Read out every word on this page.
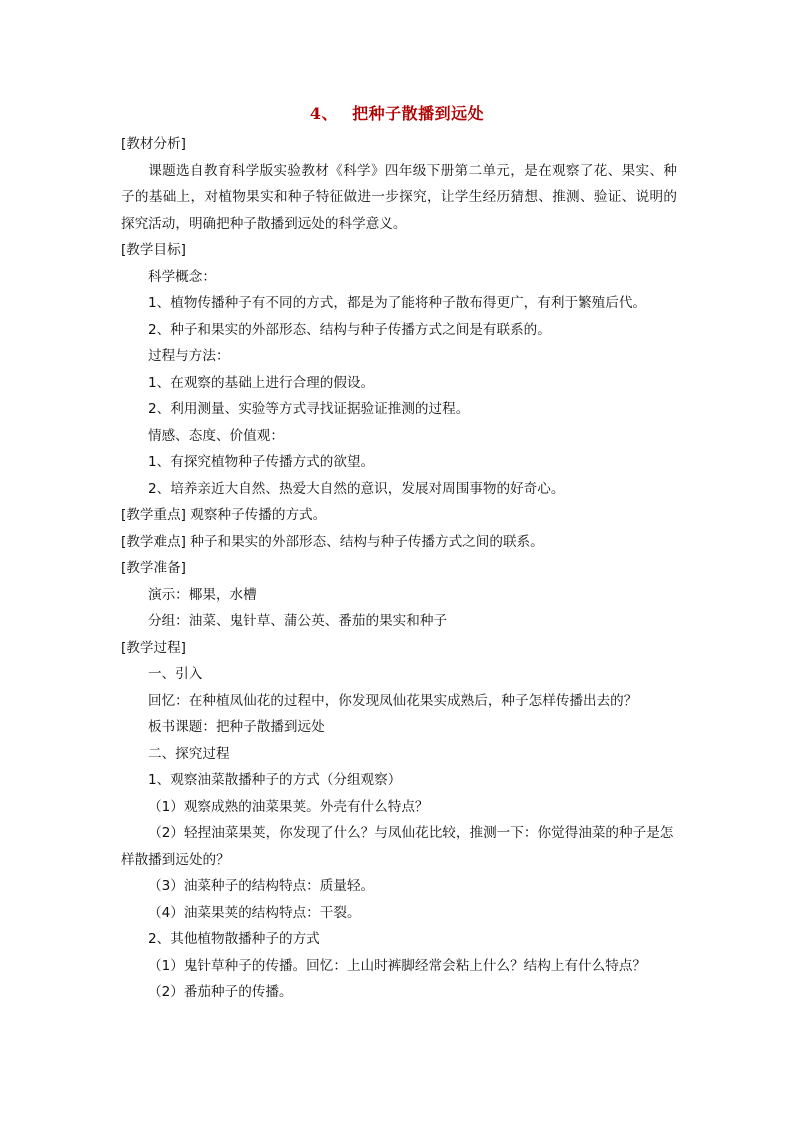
4、 把种子散播到远处
[教材分析]
课题选自教育科学版实验教材《科学》四年级下册第二单元，是在观察了花、果实、种子的基础上，对植物果实和种子特征做进一步探究，让学生经历猜想、推测、验证、说明的探究活动，明确把种子散播到远处的科学意义。
[教学目标]
科学概念：
1、植物传播种子有不同的方式，都是为了能将种子散布得更广，有利于繁殖后代。
2、种子和果实的外部形态、结构与种子传播方式之间是有联系的。
过程与方法：
1、在观察的基础上进行合理的假设。
2、利用测量、实验等方式寻找证据验证推测的过程。
情感、态度、价值观：
1、有探究植物种子传播方式的欲望。
2、培养亲近大自然、热爱大自然的意识，发展对周围事物的好奇心。
[教学重点] 观察种子传播的方式。
[教学难点] 种子和果实的外部形态、结构与种子传播方式之间的联系。
[教学准备]
演示：椰果，水槽
分组：油菜、鬼针草、蒲公英、番茄的果实和种子
[教学过程]
一、引入
回忆：在种植凤仙花的过程中，你发现凤仙花果实成熟后，种子怎样传播出去的？
板书课题：把种子散播到远处
二、探究过程
1、观察油菜散播种子的方式（分组观察）
（1）观察成熟的油菜果荚。外壳有什么特点？
（2）轻捏油菜果荚，你发现了什么？与凤仙花比较，推测一下：你觉得油菜的种子是怎样散播到远处的？
（3）油菜种子的结构特点：质量轻。
（4）油菜果荚的结构特点：干裂。
2、其他植物散播种子的方式
（1）鬼针草种子的传播。回忆：上山时裤脚经常会粘上什么？结构上有什么特点？
（2）番茄种子的传播。
